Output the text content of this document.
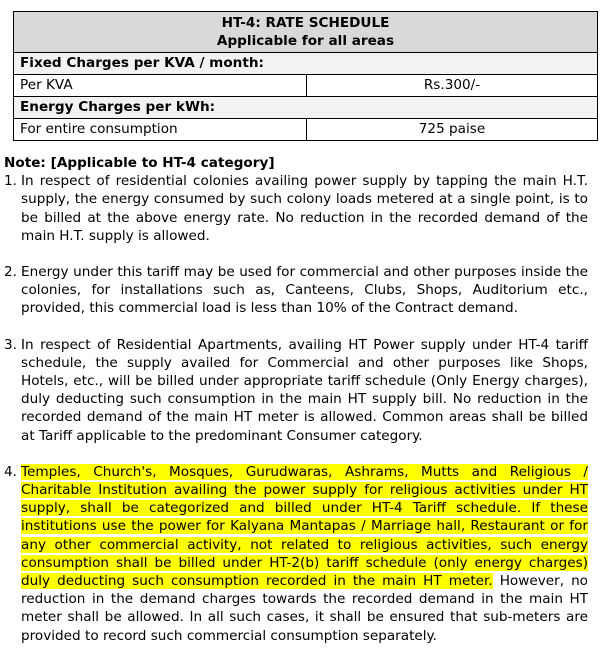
HT-4: RATE SCHEDULE
Applicable for all areas	

Fixed Charges per KVA / month:	
Per KVA	Rs.300/-
Energy Charges per kWh:	
For entire consumption	725 paise
Note: [Applicable to HT-4 category]
1. In respect of residential colonies availing power supply by tapping the main H.T. supply, the energy consumed by such colony loads metered at a single point, is to be billed at the above energy rate. No reduction in the recorded demand of the main H.T. supply is allowed.
2. Energy under this tariff may be used for commercial and other purposes inside the colonies, for installations such as, Canteens, Clubs, Shops, Auditorium etc., provided, this commercial load is less than 10% of the Contract demand.
3. In respect of Residential Apartments, availing HT Power supply under HT-4 tariff schedule, the supply availed for Commercial and other purposes like Shops, Hotels, etc., will be billed under appropriate tariff schedule (Only Energy charges), duly deducting such consumption in the main HT supply bill. No reduction in the recorded demand of the main HT meter is allowed. Common areas shall be billed at Tariff applicable to the predominant Consumer category.
4. Temples, Church's, Mosques, Gurudwaras, Ashrams, Mutts and Religious / Charitable Institution availing the power supply for religious activities under HT supply, shall be categorized and billed under HT-4 Tariff schedule. If these institutions use the power for Kalyana Mantapas / Marriage hall, Restaurant or for any other commercial activity, not related to religious activities, such energy consumption shall be billed under HT-2(b) tariff schedule (only energy charges) duly deducting such consumption recorded in the main HT meter. However, no reduction in the demand charges towards the recorded demand in the main HT meter shall be allowed. In all such cases, it shall be ensured that sub-meters are provided to record such commercial consumption separately.
